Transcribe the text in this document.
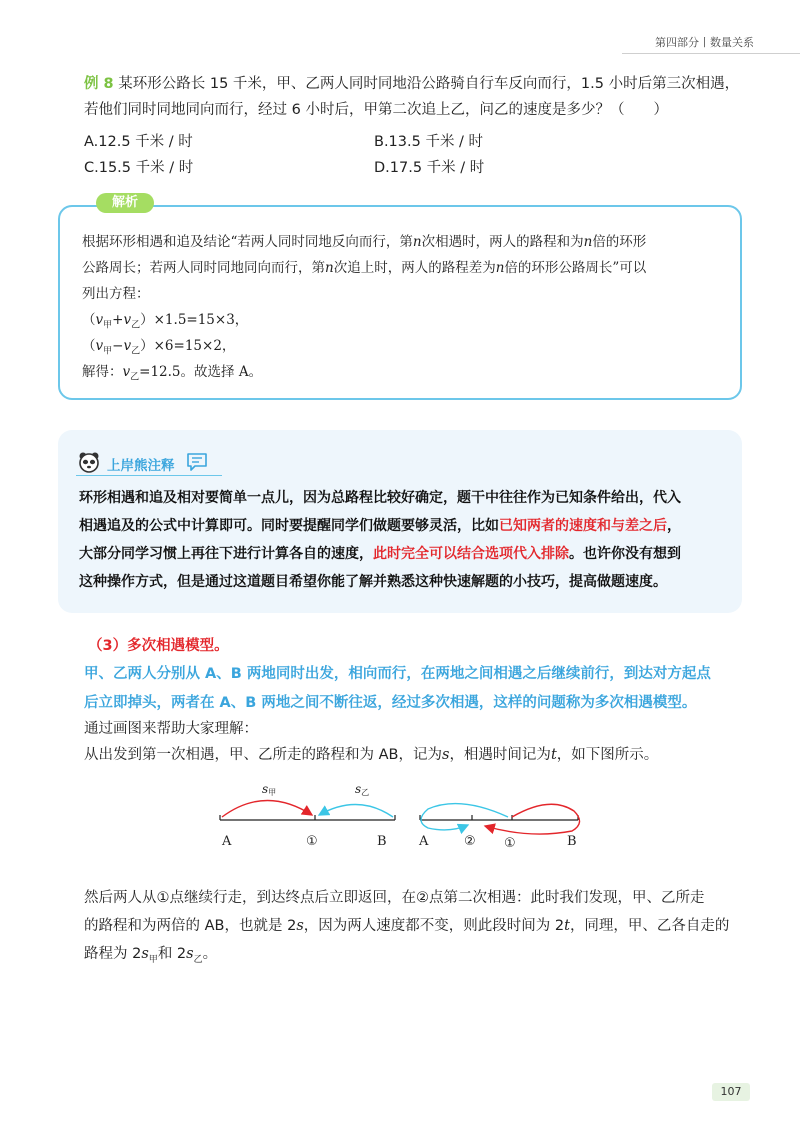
第四部分丨数量关系
例 8 某环形公路长 15 千米，甲、乙两人同时同地沿公路骑自行车反向而行，1.5 小时后第三次相遇，
若他们同时同地同向而行，经过 6 小时后，甲第二次追上乙，问乙的速度是多少？（　　）
A.12.5 千米 / 时	B.13.5 千米 / 时
C.15.5 千米 / 时	D.17.5 千米 / 时
解析
根据环形相遇和追及结论“若两人同时同地反向而行，第n次相遇时，两人的路程和为n倍的环形
公路周长；若两人同时同地同向而行，第n次追上时，两人的路程差为n倍的环形公路周长”可以
列出方程：
$(v_甲+v_乙)\times 1.5=15\times 3$，
$(v_甲-v_乙)\times 6=15\times 2$，
解得：$v_乙=12.5$。故选择 A。
上岸熊注释
环形相遇和追及相对要简单一点儿，因为总路程比较好确定，题干中往往作为已知条件给出，代入
相遇追及的公式中计算即可。同时要提醒同学们做题要够灵活，比如已知两者的速度和与差之后，
大部分同学习惯上再往下进行计算各自的速度，此时完全可以结合选项代入排除。也许你没有想到
这种操作方式，但是通过这道题目希望你能了解并熟悉这种快速解题的小技巧，提高做题速度。
（3）多次相遇模型。
甲、乙两人分别从 A、B 两地同时出发，相向而行，在两地之间相遇之后继续前行，到达对方起点
后立即掉头，两者在 A、B 两地之间不断往返，经过多次相遇，这样的问题称为多次相遇模型。
通过画图来帮助大家理解：
从出发到第一次相遇，甲、乙所走的路程和为 AB，记为s，相遇时间记为t，如下图所示。
s甲	s乙
A	①	B A	② ①	B
然后两人从①点继续行走，到达终点后立即返回，在②点第二次相遇：此时我们发现，甲、乙所走
的路程和为两倍的 AB，也就是 2s，因为两人速度都不变，则此段时间为 2t，同理，甲、乙各自走的
路程为 $2s_甲$和 $2s_乙$。
107
